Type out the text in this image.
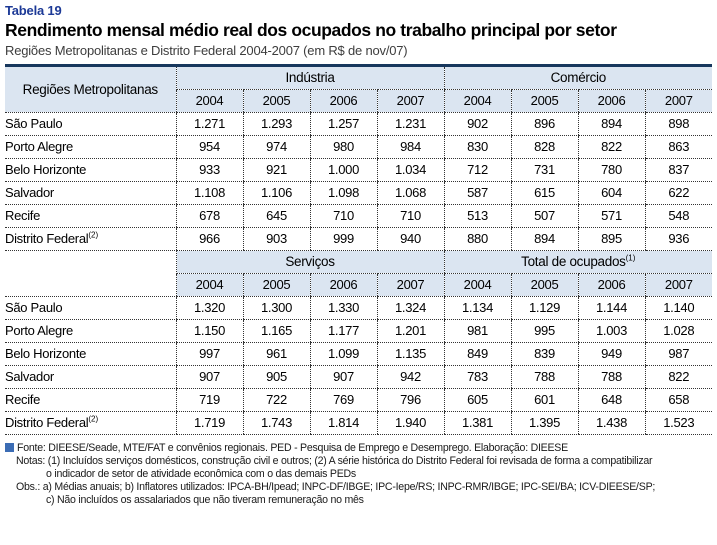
Tabela 19
Rendimento mensal médio real dos ocupados no trabalho principal por setor
Regiões Metropolitanas e Distrito Federal 2004-2007 (em R$ de nov/07)
Regiões Metropolitanas	Indústria				Comércio			
	2004	2005	2006	2007	2004	2005	2006	2007
São Paulo	1.271	1.293	1.257	1.231	902	896	894	898
Porto Alegre	954	974	980	984	830	828	822	863
Belo Horizonte	933	921	1.000	1.034	712	731	780	837
Salvador	1.108	1.106	1.098	1.068	587	615	604	622
Recife	678	645	710	710	513	507	571	548
Distrito Federal$^{(2)}$	966	903	999	940	880	894	895	936
	Serviços				Total de ocupados$^{(1)}$
	2004	2005	2006	2007	2004	2005	2006	2007
São Paulo	1.320	1.300	1.330	1.324	1.134	1.129	1.144	1.140
Porto Alegre	1.150	1.165	1.177	1.201	981	995	1.003	1.028
Belo Horizonte	997	961	1.099	1.135	849	839	949	987
Salvador	907	905	907	942	783	788	788	822
Recife	719	722	769	796	605	601	648	658
Distrito Federal$^{(2)}$	1.719	1.743	1.814	1.940	1.381	1.395	1.438	1.523
Fonte: DIEESE/Seade, MTE/FAT e convênios regionais. PED - Pesquisa de Emprego e Desemprego. Elaboração: DIEESE
Notas: (1) Incluídos serviços domésticos, construção civil e outros; (2) A série histórica do Distrito Federal foi revisada de forma a compatibilizar
o indicador de setor de atividade econômica com o das demais PEDs
Obs.: a) Médias anuais; b) Inflatores utilizados: IPCA-BH/Ipead; INPC-DF/IBGE; IPC-Iepe/RS; INPC-RMR/IBGE; IPC-SEI/BA; ICV-DIEESE/SP;
c) Não incluídos os assalariados que não tiveram remuneração no mês
